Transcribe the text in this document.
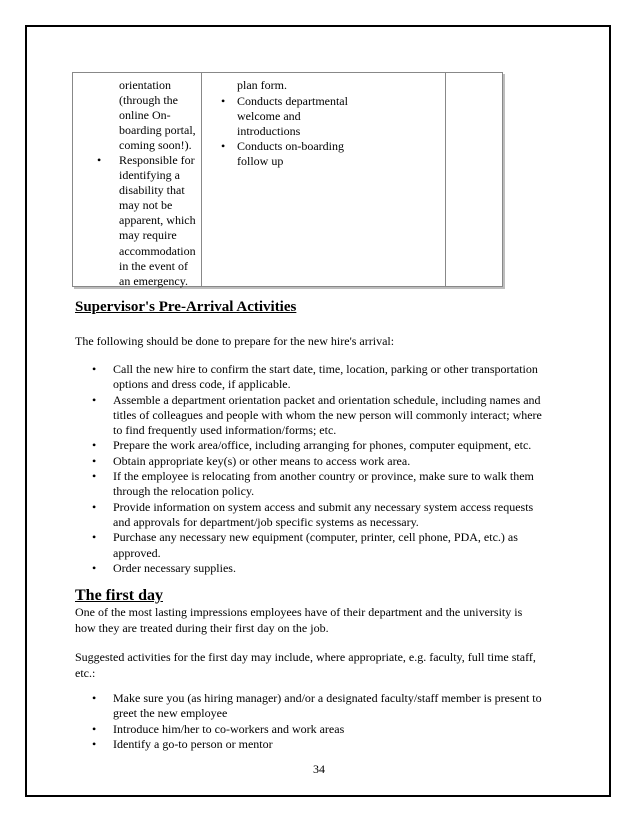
orientation
(through the
online On-
boarding portal,
coming soon!).
• Responsible for
identifying a
disability that
may not be
apparent, which
may require
accommodation
in the event of
an emergency.
plan form.
• Conducts departmental
welcome and
introductions
• Conducts on-boarding
follow up
Supervisor's Pre-Arrival Activities
The following should be done to prepare for the new hire's arrival:
• Call the new hire to confirm the start date, time, location, parking or other transportation
options and dress code, if applicable.
• Assemble a department orientation packet and orientation schedule, including names and
titles of colleagues and people with whom the new person will commonly interact; where
to find frequently used information/forms; etc.
• Prepare the work area/office, including arranging for phones, computer equipment, etc.
• Obtain appropriate key(s) or other means to access work area.
• If the employee is relocating from another country or province, make sure to walk them
through the relocation policy.
• Provide information on system access and submit any necessary system access requests
and approvals for department/job specific systems as necessary.
• Purchase any necessary new equipment (computer, printer, cell phone, PDA, etc.) as
approved.
• Order necessary supplies.
The first day
One of the most lasting impressions employees have of their department and the university is
how they are treated during their first day on the job.
Suggested activities for the first day may include, where appropriate, e.g. faculty, full time staff,
etc.:
• Make sure you (as hiring manager) and/or a designated faculty/staff member is present to
greet the new employee
• Introduce him/her to co-workers and work areas
• Identify a go-to person or mentor
34
